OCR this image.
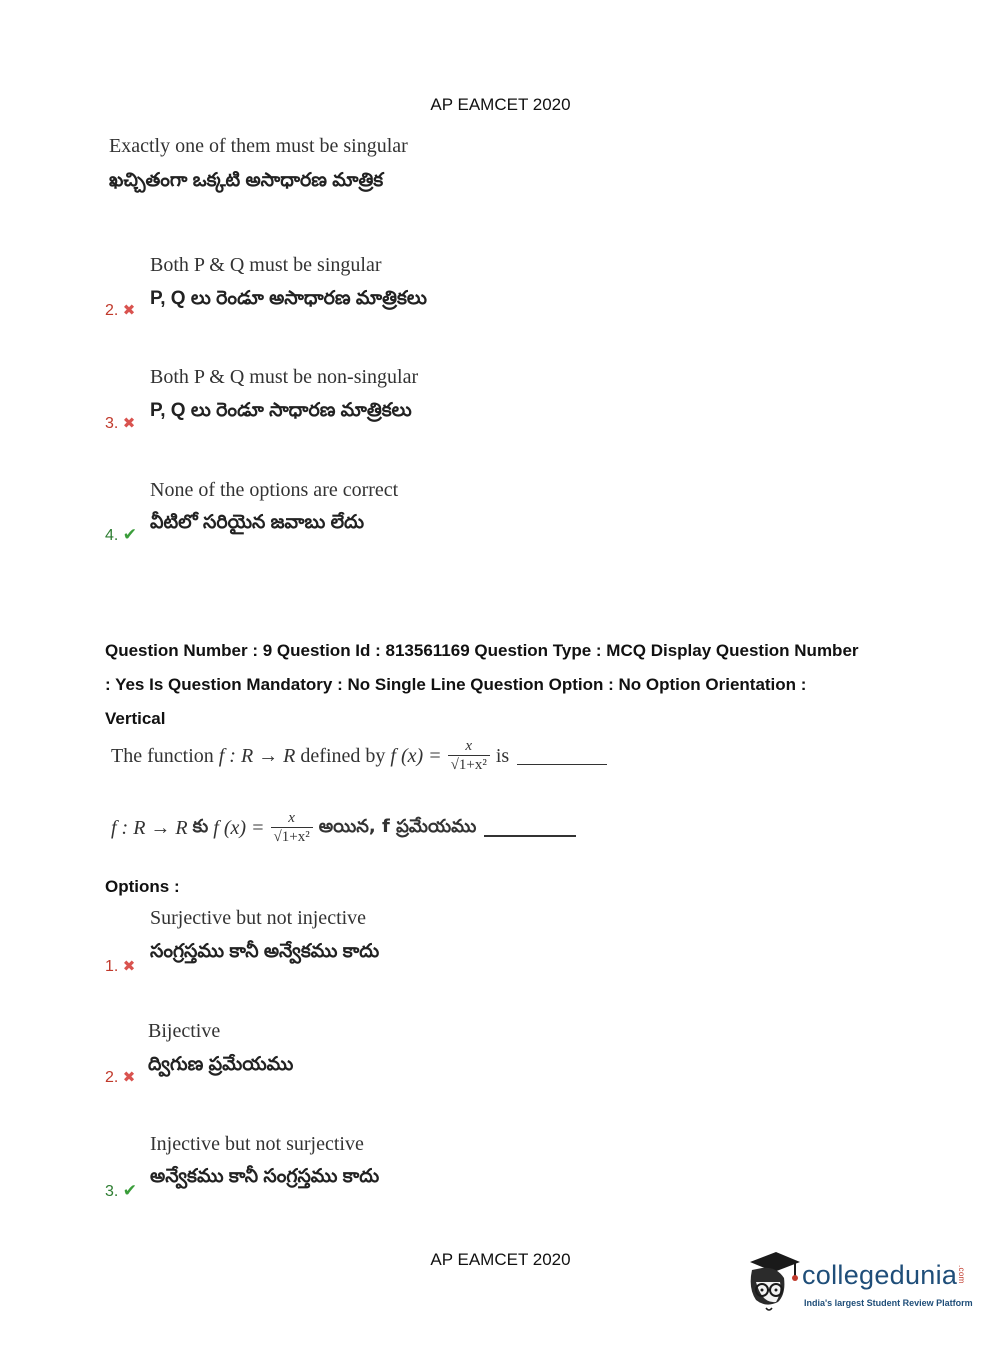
AP EAMCET 2020
Exactly one of them must be singular
ఖచ్చితంగా ఒక్కటి అసాధారణ మాత్రిక
Both P & Q must be singular
P, Q లు రెండూ అసాధారణ మాత్రికలు
2. ✖
Both P & Q must be non-singular
P, Q లు రెండూ సాధారణ మాత్రికలు
3. ✖
None of the options are correct
వీటిలో సరియైన జవాబు లేదు
4. ✔
Question Number : 9 Question Id : 813561169 Question Type : MCQ Display Question Number
: Yes Is Question Mandatory : No Single Line Question Option : No Option Orientation :
Vertical
The function
f : R → R
defined by
f $(x) = \frac{x}{\text{√1+x²}}$ is
f : R → R
కు
f $(x) = \frac{x}{\text{√1+x²}}$ అయిన, f ప్రమేయము
Options :
Surjective but not injective
సంగ్రస్తము కానీ అన్వేకము కాదు
1. ✖
Bijective
ద్విగుణ ప్రమేయము
2. ✖
Injective but not surjective
అన్వేకము కానీ సంగ్రస్తము కాదు
3. ✔
AP EAMCET 2020
collegedunia.com
India's largest Student Review Platform
